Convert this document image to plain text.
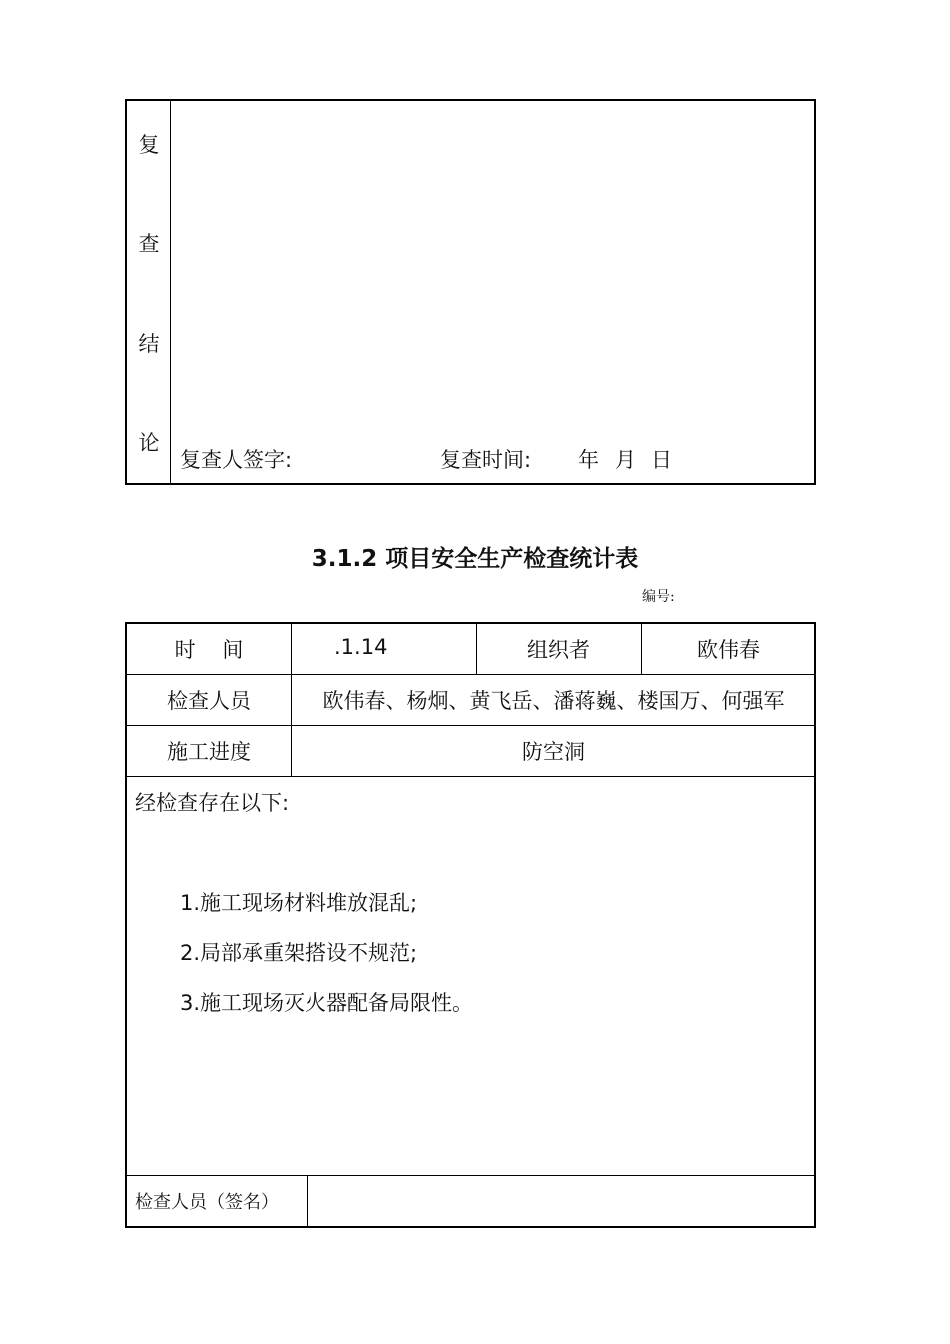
复
查
结
论
复查人签字:	复查时间: 年 月 日
3.1.2 项目安全生产检查统计表
编号:
时    间	.1.14	组织者	欧伟春
检查人员	欧伟春、杨炯、黄飞岳、潘蒋巍、楼国万、何强军
施工进度	防空洞
经检查存在以下:
1.施工现场材料堆放混乱;
2.局部承重架搭设不规范;
3.施工现场灭火器配备局限性。
检查人员（签名）
